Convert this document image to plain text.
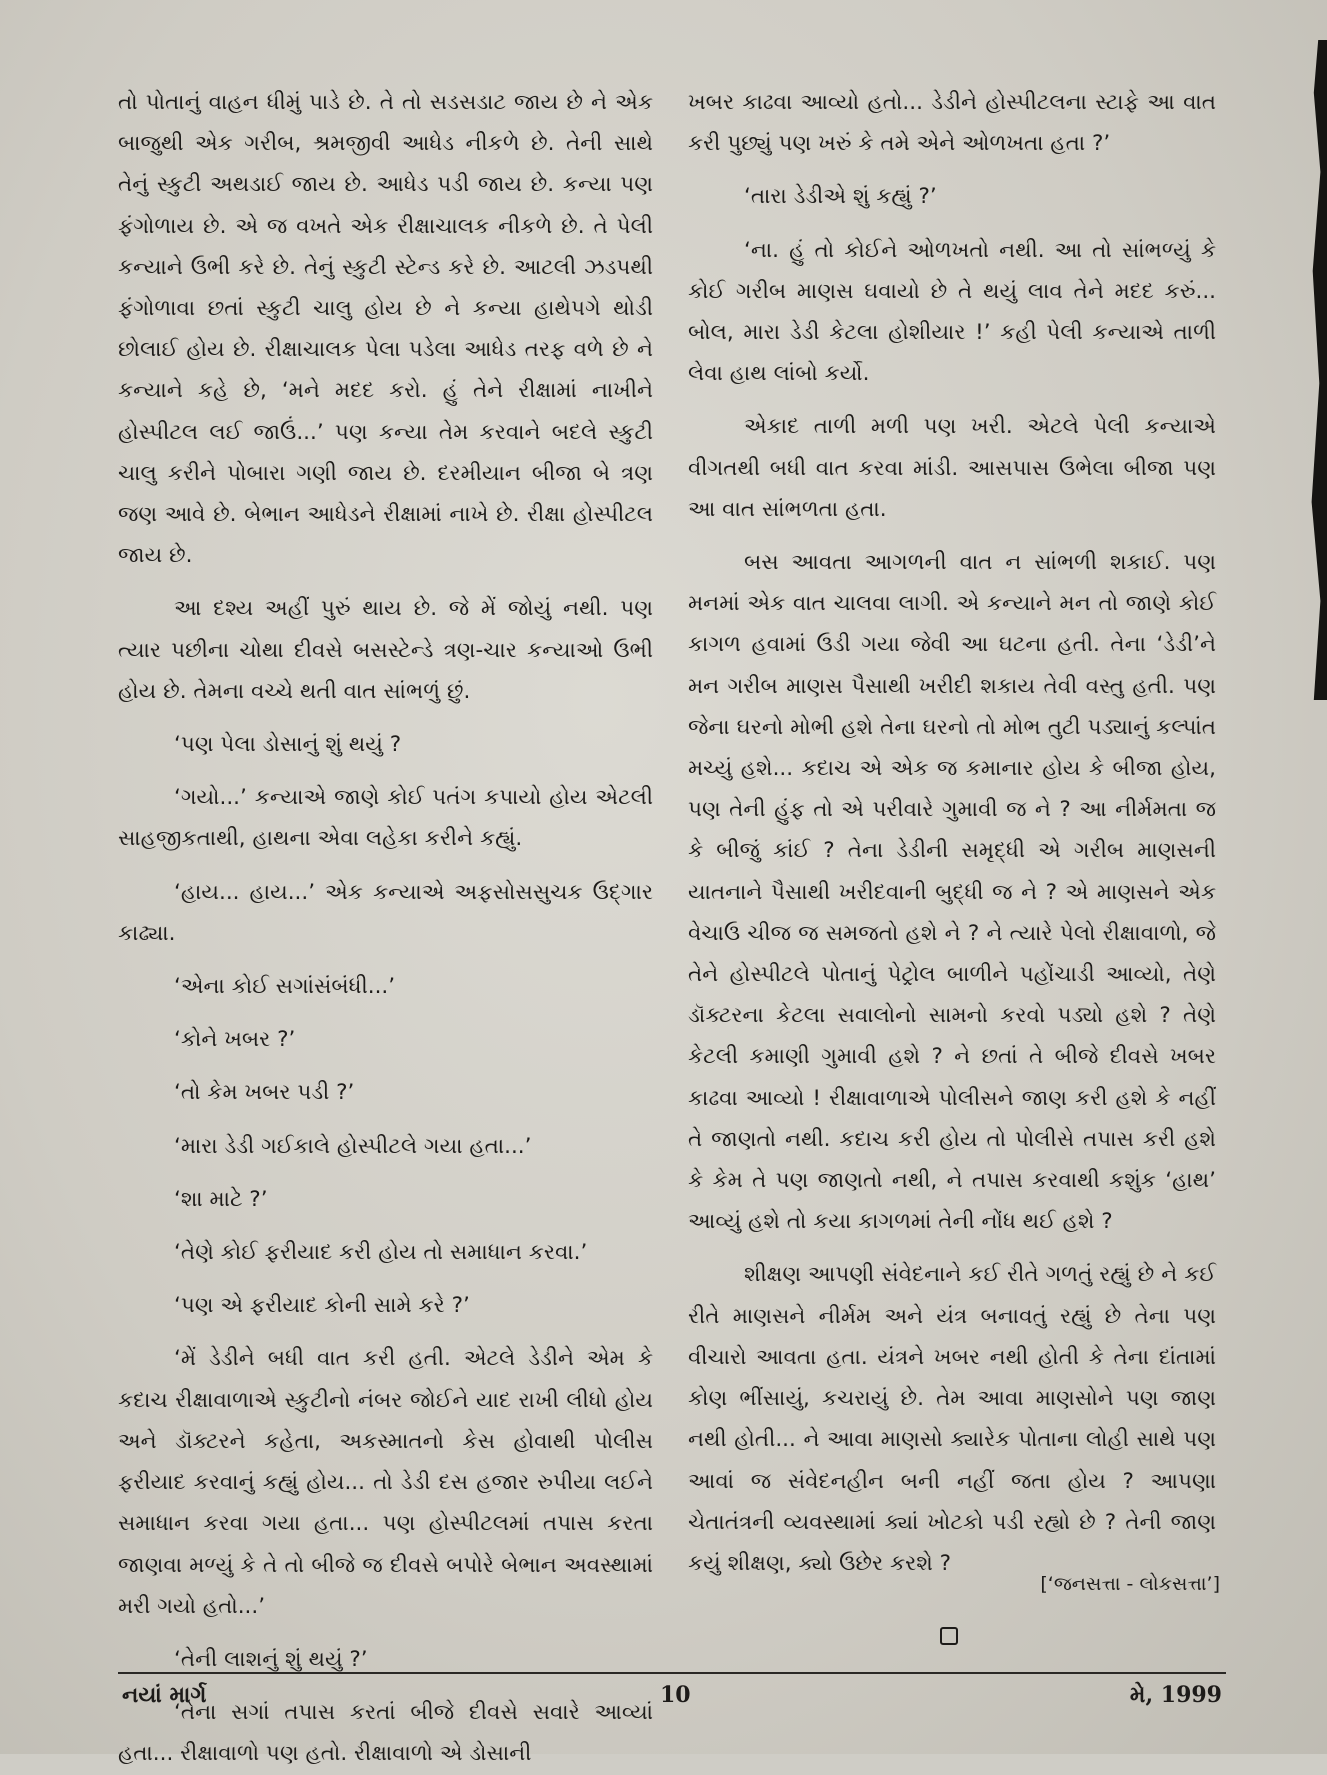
તો પોતાનું વાહન ધીમું પાડે છે. તે તો સડસડાટ જાય છે ને એક બાજુથી એક ગરીબ, શ્રમજીવી આધેડ નીકળે છે. તેની સાથે તેનું સ્કુટી અથડાઈ જાય છે. આધેડ પડી જાય છે. કન્યા પણ ફંગોળાય છે. એ જ વખતે એક રીક્ષાચાલક નીકળે છે. તે પેલી કન્યાને ઉભી કરે છે. તેનું સ્કુટી સ્ટેન્ડ કરે છે. આટલી ઝડપથી ફંગોળાવા છતાં સ્કુટી ચાલુ હોય છે ને કન્યા હાથેપગે થોડી છોલાઈ હોય છે. રીક્ષાચાલક પેલા પડેલા આધેડ તરફ વળે છે ને કન્યાને કહે છે, ‘મને મદદ કરો. હું તેને રીક્ષામાં નાખીને હોસ્પીટલ લઈ જાઉં...’ પણ કન્યા તેમ કરવાને બદલે સ્કુટી ચાલુ કરીને પોબારા ગણી જાય છે. દરમીયાન બીજા બે ત્રણ જણ આવે છે. બેભાન આધેડને રીક્ષામાં નાખે છે. રીક્ષા હોસ્પીટલ જાય છે.

આ દશ્ય અહીં પુરું થાય છે. જે મેં જોયું નથી. પણ ત્યાર પછીના ચોથા દીવસે બસસ્ટેન્ડે ત્રણ-ચાર કન્યાઓ ઉભી હોય છે. તેમના વચ્ચે થતી વાત સાંભળું છું.

‘પણ પેલા ડોસાનું શું થયું ?

‘ગયો...’ કન્યાએ જાણે કોઈ પતંગ કપાયો હોય એટલી સાહજીકતાથી, હાથના એવા લહેકા કરીને કહ્યું.

‘હાય... હાય...’ એક કન્યાએ અફસોસસુચક ઉદ્ગાર કાઢ્યા.

‘એના કોઈ સગાંસંબંધી...’

‘કોને ખબર ?’

‘તો કેમ ખબર પડી ?’

‘મારા ડેડી ગઈકાલે હોસ્પીટલે ગયા હતા...’

‘શા માટે ?’

‘તેણે કોઈ ફરીયાદ કરી હોય તો સમાધાન કરવા.’

‘પણ એ ફરીયાદ કોની સામે કરે ?’

‘મેં ડેડીને બધી વાત કરી હતી. એટલે ડેડીને એમ કે કદાચ રીક્ષાવાળાએ સ્કુટીનો નંબર જોઈને યાદ રાખી લીધો હોય અને ડૉક્ટરને કહેતા, અકસ્માતનો કેસ હોવાથી પોલીસ ફરીયાદ કરવાનું કહ્યું હોય... તો ડેડી દસ હજાર રુપીયા લઈને સમાધાન કરવા ગયા હતા... પણ હોસ્પીટલમાં તપાસ કરતા જાણવા મળ્યું કે તે તો બીજે જ દીવસે બપોરે બેભાન અવસ્થામાં મરી ગયો હતો...’

‘તેની લાશનું શું થયું ?’

‘તેના સગાં તપાસ કરતાં બીજે દીવસે સવારે આવ્યાં હતા... રીક્ષાવાળો પણ હતો. રીક્ષાવાળો એ ડોસાની

ખબર કાઢવા આવ્યો હતો... ડેડીને હોસ્પીટલના સ્ટાફે આ વાત કરી પુછ્યું પણ ખરું કે તમે એને ઓળખતા હતા ?’

‘તારા ડેડીએ શું કહ્યું ?’

‘ના. હું તો કોઈને ઓળખતો નથી. આ તો સાંભળ્યું કે કોઈ ગરીબ માણસ ઘવાયો છે તે થયું લાવ તેને મદદ કરું... બોલ, મારા ડેડી કેટલા હોશીયાર !’ કહી પેલી કન્યાએ તાળી લેવા હાથ લાંબો કર્યો.

એકાદ તાળી મળી પણ ખરી. એટલે પેલી કન્યાએ વીગતથી બધી વાત કરવા માંડી. આસપાસ ઉભેલા બીજા પણ આ વાત સાંભળતા હતા.

બસ આવતા આગળની વાત ન સાંભળી શકાઈ. પણ મનમાં એક વાત ચાલવા લાગી. એ કન્યાને મન તો જાણે કોઈ કાગળ હવામાં ઉડી ગયા જેવી આ ઘટના હતી. તેના ‘ડેડી’ને મન ગરીબ માણસ પૈસાથી ખરીદી શકાય તેવી વસ્તુ હતી. પણ જેના ઘરનો મોભી હશે તેના ઘરનો તો મોભ તુટી પડ્યાનું કલ્પાંત મચ્યું હશે... કદાચ એ એક જ કમાનાર હોય કે બીજા હોય, પણ તેની હુંફ તો એ પરીવારે ગુમાવી જ ને ? આ નીર્મમતા જ કે બીજું કાંઈ ? તેના ડેડીની સમૃદ્ધી એ ગરીબ માણસની યાતનાને પૈસાથી ખરીદવાની બુદ્ધી જ ને ? એ માણસને એક વેચાઉ ચીજ જ સમજતો હશે ને ? ને ત્યારે પેલો રીક્ષાવાળો, જે તેને હોસ્પીટલે પોતાનું પેટ્રોલ બાળીને પહોંચાડી આવ્યો, તેણે ડૉક્ટરના કેટલા સવાલોનો સામનો કરવો પડ્યો હશે ? તેણે કેટલી કમાણી ગુમાવી હશે ? ને છતાં તે બીજે દીવસે ખબર કાઢવા આવ્યો ! રીક્ષાવાળાએ પોલીસને જાણ કરી હશે કે નહીં તે જાણતો નથી. કદાચ કરી હોય તો પોલીસે તપાસ કરી હશે કે કેમ તે પણ જાણતો નથી, ને તપાસ કરવાથી કશુંક ‘હાથ’ આવ્યું હશે તો કયા કાગળમાં તેની નોંધ થઈ હશે ?

શીક્ષણ આપણી સંવેદનાને કઈ રીતે ગળતું રહ્યું છે ને કઈ રીતે માણસને નીર્મમ અને યંત્ર બનાવતું રહ્યું છે તેના પણ વીચારો આવતા હતા. યંત્રને ખબર નથી હોતી કે તેના દાંતામાં કોણ ભીંસાયું, કચરાયું છે. તેમ આવા માણસોને પણ જાણ નથી હોતી... ને આવા માણસો ક્યારેક પોતાના લોહી સાથે પણ આવાં જ સંવેદનહીન બની નહીં જતા હોય ? આપણા ચેતાતંત્રની વ્યવસ્થામાં ક્યાં ખોટકો પડી રહ્યો છે ? તેની જાણ કયું શીક્ષણ, ક્યો ઉછેર કરશે ?

[‘જનસત્તા - લોકસત્તા’]
નયાં માર્ગ	10	મે, 1999
